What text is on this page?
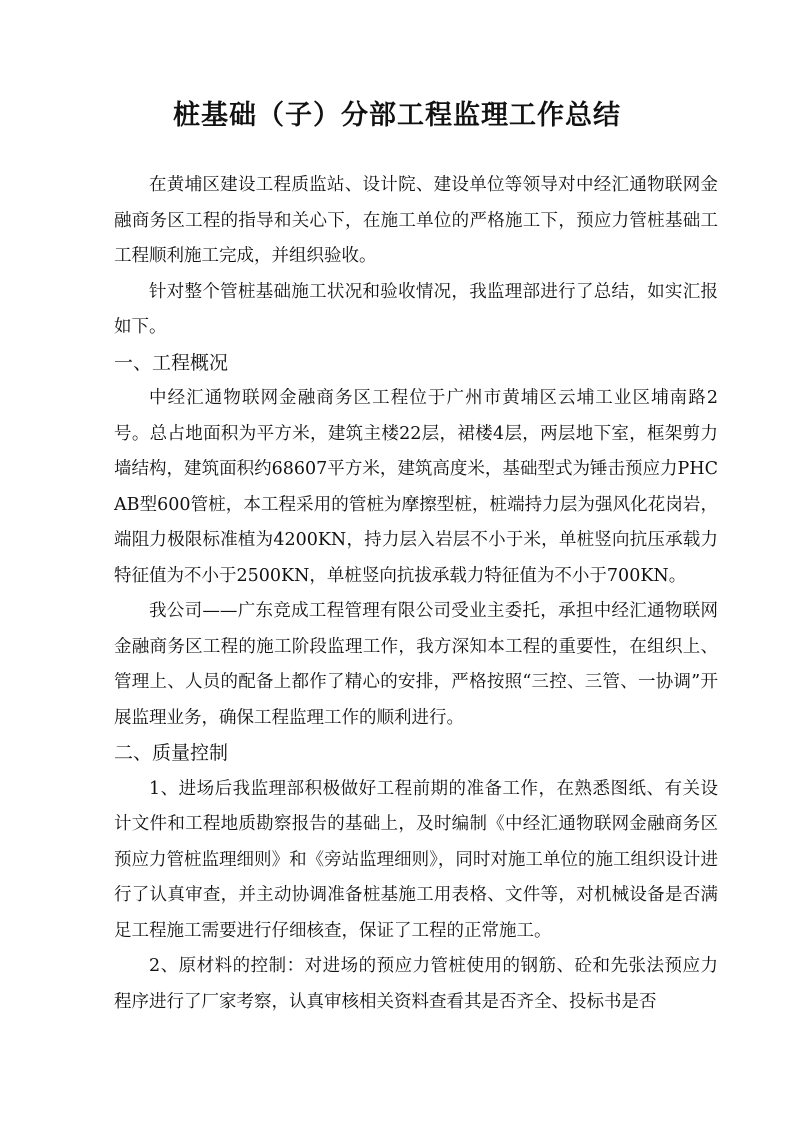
桩基础（子）分部工程监理工作总结

在黄埔区建设工程质监站、设计院、建设单位等领导对中经汇通物联网金融商务区工程的指导和关心下，在施工单位的严格施工下，预应力管桩基础工工程顺利施工完成，并组织验收。

针对整个管桩基础施工状况和验收情况，我监理部进行了总结，如实汇报如下。

一、工程概况

中经汇通物联网金融商务区工程位于广州市黄埔区云埔工业区埔南路2号。总占地面积为平方米，建筑主楼22层，裙楼4层，两层地下室，框架剪力墙结构，建筑面积约68607平方米，建筑高度米，基础型式为锤击预应力PHC AB型600管桩，本工程采用的管桩为摩擦型桩，桩端持力层为强风化花岗岩，端阻力极限标准植为4200KN，持力层入岩层不小于米，单桩竖向抗压承载力特征值为不小于2500KN，单桩竖向抗拔承载力特征值为不小于700KN。

我公司——广东竞成工程管理有限公司受业主委托，承担中经汇通物联网金融商务区工程的施工阶段监理工作，我方深知本工程的重要性，在组织上、管理上、人员的配备上都作了精心的安排，严格按照“三控、三管、一协调”开展监理业务，确保工程监理工作的顺利进行。

二、质量控制

1、进场后我监理部积极做好工程前期的准备工作，在熟悉图纸、有关设计文件和工程地质勘察报告的基础上，及时编制《中经汇通物联网金融商务区预应力管桩监理细则》和《旁站监理细则》，同时对施工单位的施工组织设计进行了认真审查，并主动协调准备桩基施工用表格、文件等，对机械设备是否满足工程施工需要进行仔细核查，保证了工程的正常施工。

2、原材料的控制：对进场的预应力管桩使用的钢筋、砼和先张法预应力程序进行了厂家考察，认真审核相关资料查看其是否齐全、投标书是否
